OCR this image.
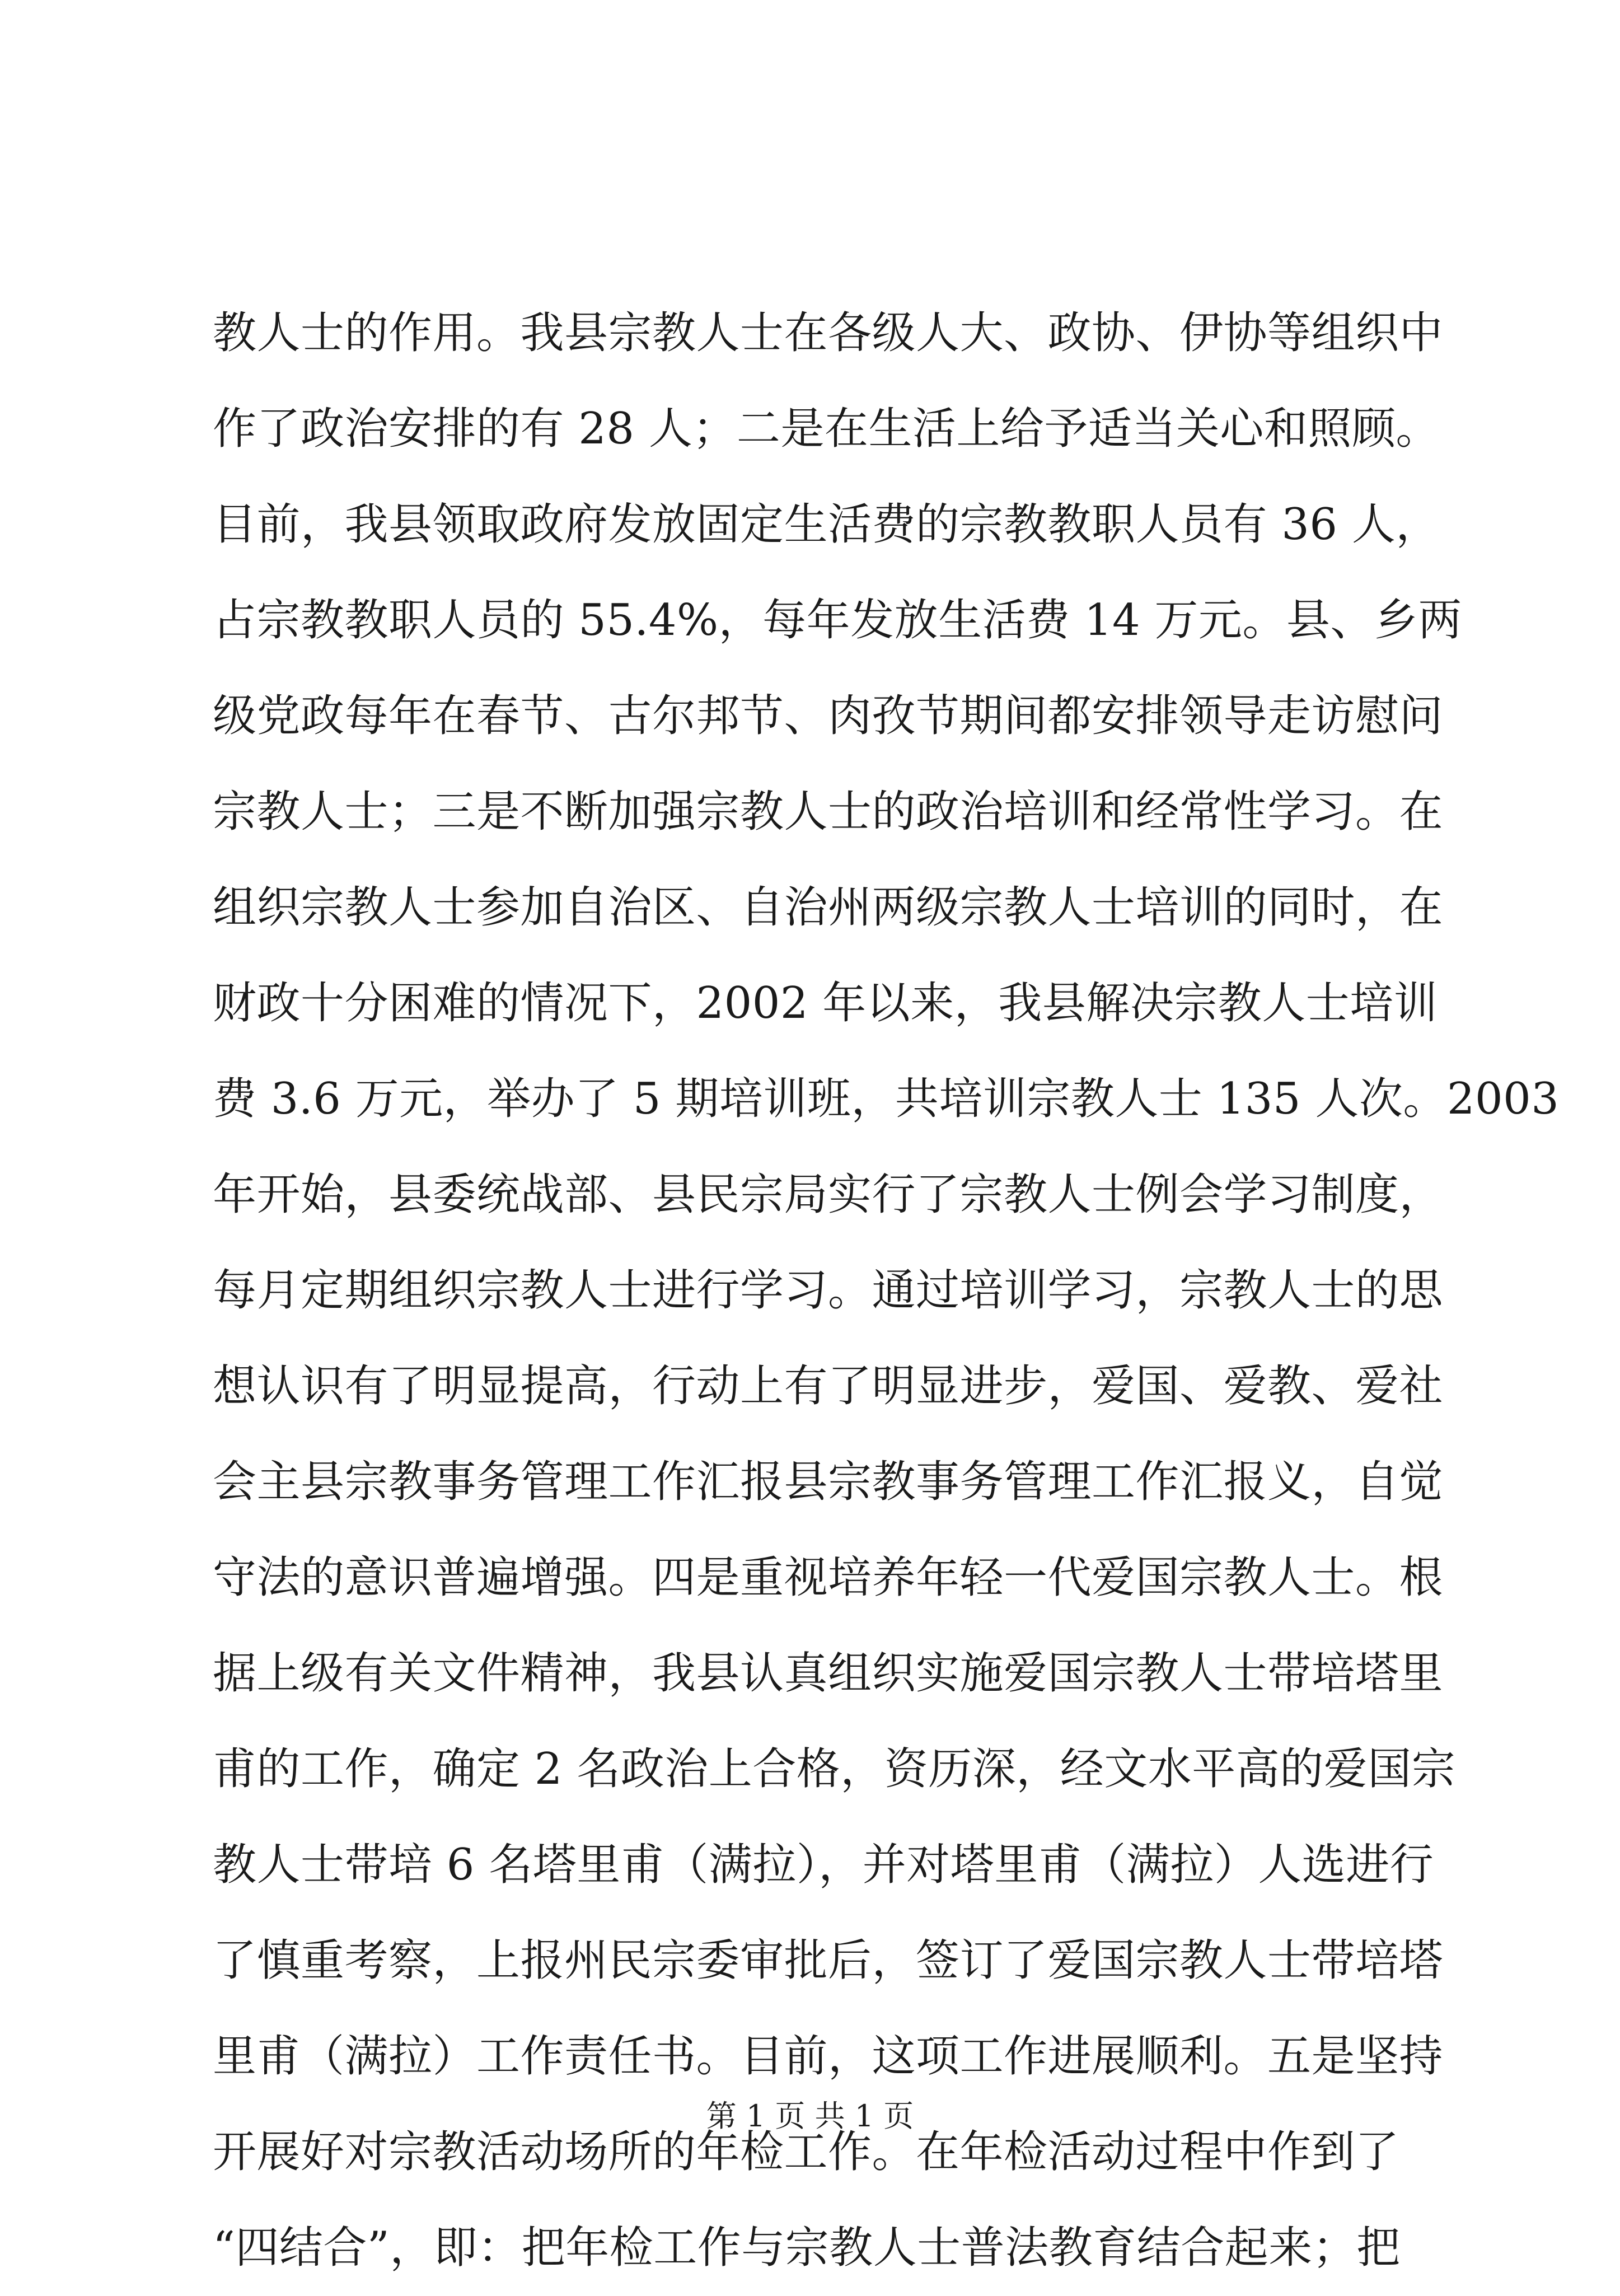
教人士的作用。我县宗教人士在各级人大、政协、伊协等组织中
作了政治安排的有 28 人；二是在生活上给予适当关心和照顾。
目前，我县领取政府发放固定生活费的宗教教职人员有 36 人，
占宗教教职人员的 55.4%，每年发放生活费 14 万元。县、乡两
级党政每年在春节、古尔邦节、肉孜节期间都安排领导走访慰问
宗教人士；三是不断加强宗教人士的政治培训和经常性学习。在
组织宗教人士参加自治区、自治州两级宗教人士培训的同时，在
财政十分困难的情况下，2002 年以来，我县解决宗教人士培训
费 3.6 万元，举办了 5 期培训班，共培训宗教人士 135 人次。2003
年开始，县委统战部、县民宗局实行了宗教人士例会学习制度，
每月定期组织宗教人士进行学习。通过培训学习，宗教人士的思
想认识有了明显提高，行动上有了明显进步，爱国、爱教、爱社
会主县宗教事务管理工作汇报县宗教事务管理工作汇报义，自觉
守法的意识普遍增强。四是重视培养年轻一代爱国宗教人士。根
据上级有关文件精神，我县认真组织实施爱国宗教人士带培塔里
甫的工作，确定 2 名政治上合格，资历深，经文水平高的爱国宗
教人士带培 6 名塔里甫（满拉），并对塔里甫（满拉）人选进行
了慎重考察，上报州民宗委审批后，签订了爱国宗教人士带培塔
里甫（满拉）工作责任书。目前，这项工作进展顺利。五是坚持
开展好对宗教活动场所的年检工作。在年检活动过程中作到了
“四结合”，即：把年检工作与宗教人士普法教育结合起来；把
第 1 页 共 1 页
